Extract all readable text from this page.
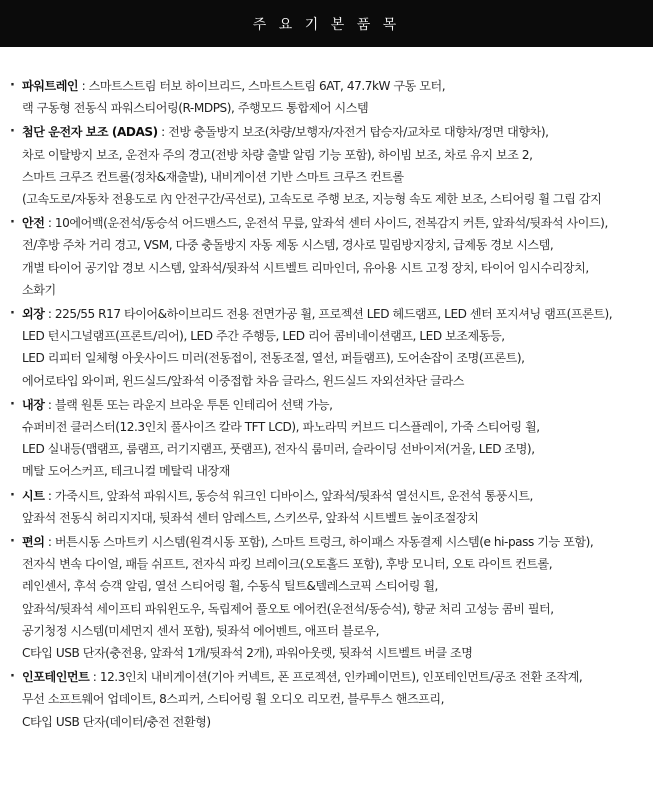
주 요 기 본 품 목
· 파워트레인 : 스마트스트림 터보 하이브리드, 스마트스트림 6AT, 47.7kW 구동 모터,
랙 구동형 전동식 파워스티어링(R-MDPS), 주행모드 통합제어 시스템
· 첨단 운전자 보조 (ADAS) : 전방 충돌방지 보조(차량/보행자/자전거 탑승자/교차로 대향차/정면 대향차),
차로 이탈방지 보조, 운전자 주의 경고(전방 차량 출발 알림 기능 포함), 하이빔 보조, 차로 유지 보조 2,
스마트 크루즈 컨트롤(정차&재출발), 내비게이션 기반 스마트 크루즈 컨트롤
(고속도로/자동차 전용도로 內 안전구간/곡선로), 고속도로 주행 보조, 지능형 속도 제한 보조, 스티어링 휠 그립 감지
· 안전 : 10에어백(운전석/동승석 어드밴스드, 운전석 무릎, 앞좌석 센터 사이드, 전복감지 커튼, 앞좌석/뒷좌석 사이드),
전/후방 주차 거리 경고, VSM, 다중 충돌방지 자동 제동 시스템, 경사로 밀림방지장치, 급제동 경보 시스템,
개별 타이어 공기압 경보 시스템, 앞좌석/뒷좌석 시트벨트 리마인더, 유아용 시트 고정 장치, 타이어 임시수리장치,
소화기
· 외장 : 225/55 R17 타이어&하이브리드 전용 전면가공 휠, 프로젝션 LED 헤드램프, LED 센터 포지셔닝 램프(프론트),
LED 턴시그널램프(프론트/리어), LED 주간 주행등, LED 리어 콤비네이션램프, LED 보조제동등,
LED 리피터 일체형 아웃사이드 미러(전동접이, 전동조절, 열선, 퍼들램프), 도어손잡이 조명(프론트),
에어로타입 와이퍼, 윈드실드/앞좌석 이중접합 차음 글라스, 윈드실드 자외선차단 글라스
· 내장 : 블랙 원톤 또는 라운지 브라운 투톤 인테리어 선택 가능,
슈퍼비전 클러스터(12.3인치 풀사이즈 칼라 TFT LCD), 파노라믹 커브드 디스플레이, 가죽 스티어링 휠,
LED 실내등(맵램프, 룸램프, 러기지램프, 풋램프), 전자식 룸미러, 슬라이딩 선바이저(거울, LED 조명),
메탈 도어스커프, 테크니컬 메탈릭 내장재
· 시트 : 가죽시트, 앞좌석 파워시트, 동승석 워크인 디바이스, 앞좌석/뒷좌석 열선시트, 운전석 통풍시트,
앞좌석 전동식 허리지지대, 뒷좌석 센터 암레스트, 스키쓰루, 앞좌석 시트벨트 높이조절장치
· 편의 : 버튼시동 스마트키 시스템(원격시동 포함), 스마트 트렁크, 하이패스 자동결제 시스템(e hi-pass 기능 포함),
전자식 변속 다이얼, 패들 쉬프트, 전자식 파킹 브레이크(오토홀드 포함), 후방 모니터, 오토 라이트 컨트롤,
레인센서, 후석 승객 알림, 열선 스티어링 휠, 수동식 틸트&텔레스코픽 스티어링 휠,
앞좌석/뒷좌석 세이프티 파워윈도우, 독립제어 풀오토 에어컨(운전석/동승석), 향균 처리 고성능 콤비 필터,
공기청정 시스템(미세먼지 센서 포함), 뒷좌석 에어벤트, 애프터 블로우,
C타입 USB 단자(충전용, 앞좌석 1개/뒷좌석 2개), 파워아웃렛, 뒷좌석 시트벨트 버클 조명
· 인포테인먼트 : 12.3인치 내비게이션(기아 커넥트, 폰 프로젝션, 인카페이먼트), 인포테인먼트/공조 전환 조작계,
무선 소프트웨어 업데이트, 8스피커, 스티어링 휠 오디오 리모컨, 블루투스 핸즈프리,
C타입 USB 단자(데이터/충전 전환형)
